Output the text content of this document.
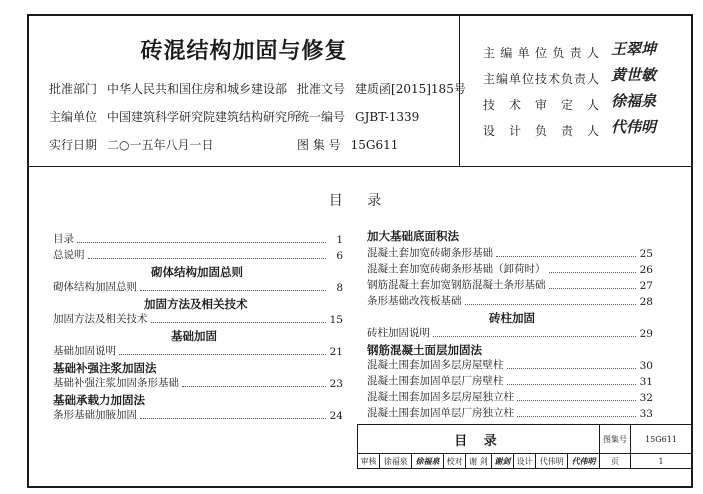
砖混结构加固与修复
批准部门 中华人民共和国住房和城乡建设部 批准文号 建质函[2015]185号
主编单位 中国建筑科学研究院建筑结构研究所
统一编号 GJBT-1339
实行日期 二○一五年八月一日	图 集 号 15G611
主编单位负责人 王翠坤
主编单位技术负责人 黄世敏
技术审定人 徐福泉
设计负责人 代伟明
目 录
目录	1
总说明	6
砌体结构加固总则
砌体结构加固总则	8
加固方法及相关技术
加固方法及相关技术	15
基础加固
基础加固说明	21
基础补强注浆加固法
基础补强注浆加固条形基础	23
基础承载力加固法
条形基础加腋加固	24
加大基础底面积法
混凝土套加宽砖砌条形基础	25
混凝土套加宽砖砌条形基础（卸荷时）	26
钢筋混凝土套加宽钢筋混凝土条形基础	27
条形基础改筏板基础	28
砖柱加固
砖柱加固说明	29
钢筋混凝土面层加固法
混凝土围套加固多层房屋壁柱	30
混凝土围套加固单层厂房壁柱	31
混凝土围套加固多层房屋独立柱	32
混凝土围套加固单层厂房独立柱	33
目 录									图集号	15G611
审核	徐福泉	徐福泉	校对	谢 剑	谢剑	设计	代伟明	代伟明	页	1
